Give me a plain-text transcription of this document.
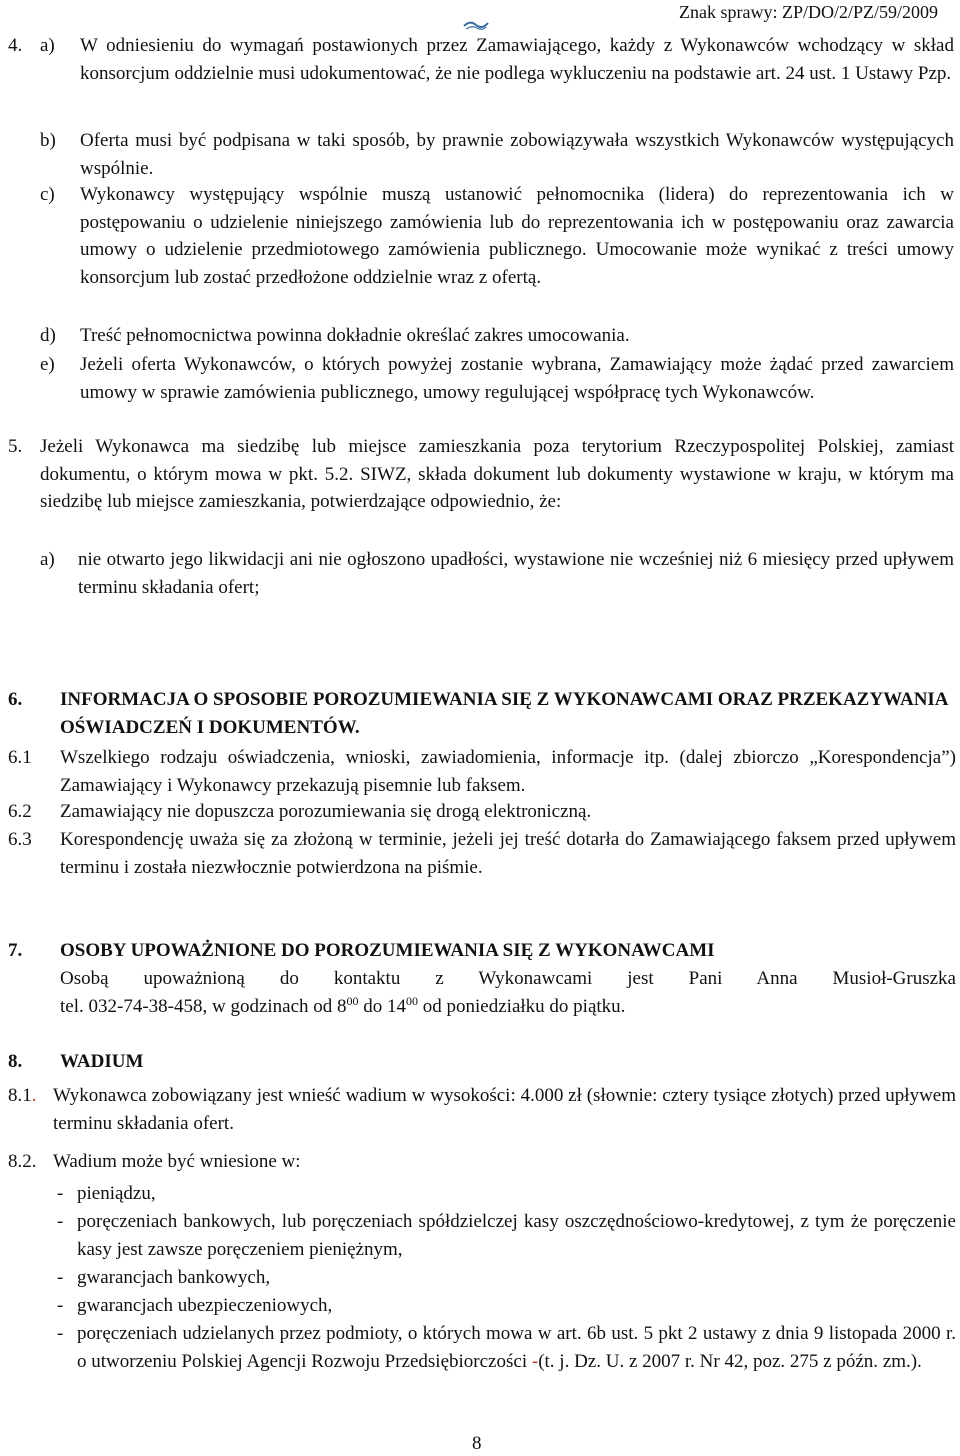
Znak sprawy: ZP/DO/2/PZ/59/2009
4. a) W odniesieniu do wymagań postawionych przez Zamawiającego, każdy z Wykonawców wchodzący w skład konsorcjum oddzielnie musi udokumentować, że nie podlega wykluczeniu na podstawie art. 24 ust. 1 Ustawy Pzp.
b) Oferta musi być podpisana w taki sposób, by prawnie zobowiązywała wszystkich Wykonawców występujących wspólnie.
c) Wykonawcy występujący wspólnie muszą ustanowić pełnomocnika (lidera) do reprezentowania ich w postępowaniu o udzielenie niniejszego zamówienia lub do reprezentowania ich w postępowaniu oraz zawarcia umowy o udzielenie przedmiotowego zamówienia publicznego. Umocowanie może wynikać z treści umowy konsorcjum lub zostać przedłożone oddzielnie wraz z ofertą.
d) Treść pełnomocnictwa powinna dokładnie określać zakres umocowania.
e) Jeżeli oferta Wykonawców, o których powyżej zostanie wybrana, Zamawiający może żądać przed zawarciem umowy w sprawie zamówienia publicznego, umowy regulującej współpracę tych Wykonawców.
5. Jeżeli Wykonawca ma siedzibę lub miejsce zamieszkania poza terytorium Rzeczypospolitej Polskiej, zamiast dokumentu, o którym mowa w pkt. 5.2. SIWZ, składa dokument lub dokumenty wystawione w kraju, w którym ma siedzibę lub miejsce zamieszkania, potwierdzające odpowiednio, że:
a) nie otwarto jego likwidacji ani nie ogłoszono upadłości, wystawione nie wcześniej niż 6 miesięcy przed upływem terminu składania ofert;
6. INFORMACJA O SPOSOBIE POROZUMIEWANIA SIĘ Z WYKONAWCAMI ORAZ PRZEKAZYWANIA OŚWIADCZEŃ I DOKUMENTÓW.
6.1 Wszelkiego rodzaju oświadczenia, wnioski, zawiadomienia, informacje itp. (dalej zbiorczo „Korespondencja”) Zamawiający i Wykonawcy przekazują pisemnie lub faksem.
6.2 Zamawiający nie dopuszcza porozumiewania się drogą elektroniczną.
6.3 Korespondencję uważa się za złożoną w terminie, jeżeli jej treść dotarła do Zamawiającego faksem przed upływem terminu i została niezwłocznie potwierdzona na piśmie.
7. OSOBY UPOWAŻNIONE DO POROZUMIEWANIA SIĘ Z WYKONAWCAMI
Osobą upoważnioną do kontaktu z Wykonawcami jest Pani Anna Musioł-Gruszka
tel. 032-74-38-458, w godzinach od $8^{00}$ do $14^{00}$ od poniedziałku do piątku.
8. WADIUM
8.1. Wykonawca zobowiązany jest wnieść wadium w wysokości: 4.000 zł (słownie: cztery tysiące złotych) przed upływem terminu składania ofert.
8.2. Wadium może być wniesione w:
- pieniądzu,
- poręczeniach bankowych, lub poręczeniach spółdzielczej kasy oszczędnościowo-kredytowej, z tym że poręczenie kasy jest zawsze poręczeniem pieniężnym,
- gwarancjach bankowych,
- gwarancjach ubezpieczeniowych,
- poręczeniach udzielanych przez podmioty, o których mowa w art. 6b ust. 5 pkt 2 ustawy z dnia 9 listopada 2000 r. o utworzeniu Polskiej Agencji Rozwoju Przedsiębiorczości -(t. j. Dz. U. z 2007 r. Nr 42, poz. 275 z późn. zm.).
8
